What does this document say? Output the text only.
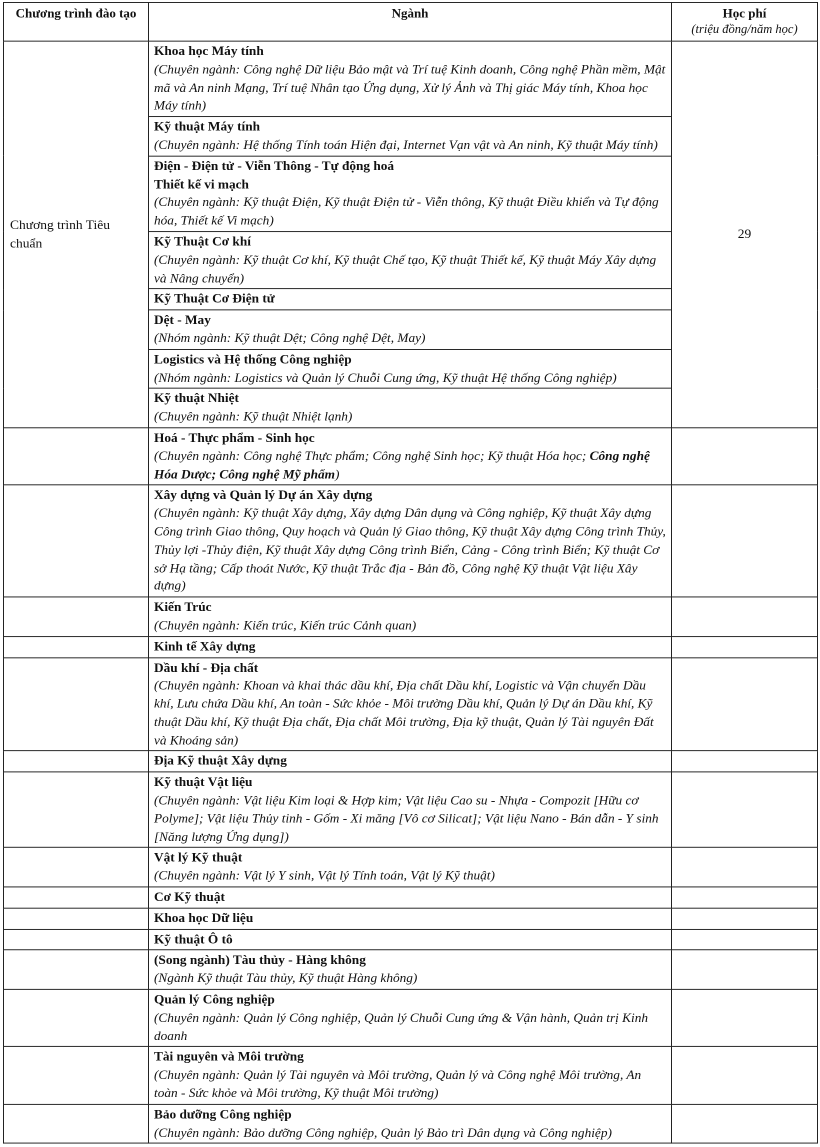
Chương trình đào tạo	Ngành	Học phí
(triệu đồng/năm học)

Chương trình Tiêu chuẩn	Khoa học Máy tính
(Chuyên ngành: Công nghệ Dữ liệu Bảo mật và Trí tuệ Kinh doanh, Công nghệ Phần mềm, Mật mã và An ninh Mạng, Trí tuệ Nhân tạo Ứng dụng, Xử lý Ảnh và Thị giác Máy tính, Khoa học Máy tính)	29

	Kỹ thuật Máy tính
(Chuyên ngành: Hệ thống Tính toán Hiện đại, Internet Vạn vật và An ninh, Kỹ thuật Máy tính)	

	Điện - Điện tử - Viễn Thông - Tự động hoá
Thiết kế vi mạch
(Chuyên ngành: Kỹ thuật Điện, Kỹ thuật Điện tử - Viễn thông, Kỹ thuật Điều khiển và Tự động hóa, Thiết kế Vi mạch)	

	Kỹ Thuật Cơ khí
(Chuyên ngành: Kỹ thuật Cơ khí, Kỹ thuật Chế tạo, Kỹ thuật Thiết kế, Kỹ thuật Máy Xây dựng và Nâng chuyển)	

	Kỹ Thuật Cơ Điện tử	

	Dệt - May
(Nhóm ngành: Kỹ thuật Dệt; Công nghệ Dệt, May)	

	Logistics và Hệ thống Công nghiệp
(Nhóm ngành: Logistics và Quản lý Chuỗi Cung ứng, Kỹ thuật Hệ thống Công nghiệp)	

	Kỹ thuật Nhiệt
(Chuyên ngành: Kỹ thuật Nhiệt lạnh)	

	Hoá - Thực phẩm - Sinh học
(Chuyên ngành: Công nghệ Thực phẩm; Công nghệ Sinh học; Kỹ thuật Hóa học; Công nghệ Hóa Dược; Công nghệ Mỹ phẩm)	

	Xây dựng và Quản lý Dự án Xây dựng
(Chuyên ngành: Kỹ thuật Xây dựng, Xây dựng Dân dụng và Công nghiệp, Kỹ thuật Xây dựng Công trình Giao thông, Quy hoạch và Quản lý Giao thông, Kỹ thuật Xây dựng Công trình Thủy, Thủy lợi -Thủy điện, Kỹ thuật Xây dựng Công trình Biển, Cảng - Công trình Biển; Kỹ thuật Cơ sở Hạ tầng; Cấp thoát Nước, Kỹ thuật Trắc địa - Bản đồ, Công nghệ Kỹ thuật Vật liệu Xây dựng)	

	Kiến Trúc
(Chuyên ngành: Kiến trúc, Kiến trúc Cảnh quan)	

	Kinh tế Xây dựng	

	Dầu khí - Địa chất
(Chuyên ngành: Khoan và khai thác dầu khí, Địa chất Dầu khí, Logistic và Vận chuyển Dầu khí, Lưu chứa Dầu khí, An toàn - Sức khỏe - Môi trường Dầu khí, Quản lý Dự án Dầu khí, Kỹ thuật Dầu khí, Kỹ thuật Địa chất, Địa chất Môi trường, Địa kỹ thuật, Quản lý Tài nguyên Đất và Khoáng sản)	

	Địa Kỹ thuật Xây dựng	

	Kỹ thuật Vật liệu
(Chuyên ngành: Vật liệu Kim loại & Hợp kim; Vật liệu Cao su - Nhựa - Compozit [Hữu cơ Polyme]; Vật liệu Thủy tinh - Gốm - Xi măng [Vô cơ Silicat]; Vật liệu Nano - Bán dẫn - Y sinh [Năng lượng Ứng dụng])	

	Vật lý Kỹ thuật
(Chuyên ngành: Vật lý Y sinh, Vật lý Tính toán, Vật lý Kỹ thuật)	

	Cơ Kỹ thuật	

	Khoa học Dữ liệu	

	Kỹ thuật Ô tô	

	(Song ngành) Tàu thủy - Hàng không
(Ngành Kỹ thuật Tàu thủy, Kỹ thuật Hàng không)	

	Quản lý Công nghiệp
(Chuyên ngành: Quản lý Công nghiệp, Quản lý Chuỗi Cung ứng & Vận hành, Quản trị Kinh doanh	

	Tài nguyên và Môi trường
(Chuyên ngành: Quản lý Tài nguyên và Môi trường, Quản lý và Công nghệ Môi trường, An toàn - Sức khỏe và Môi trường, Kỹ thuật Môi trường)	

	Bảo dưỡng Công nghiệp
(Chuyên ngành: Bảo dưỡng Công nghiệp, Quản lý Bảo trì Dân dụng và Công nghiệp)	
